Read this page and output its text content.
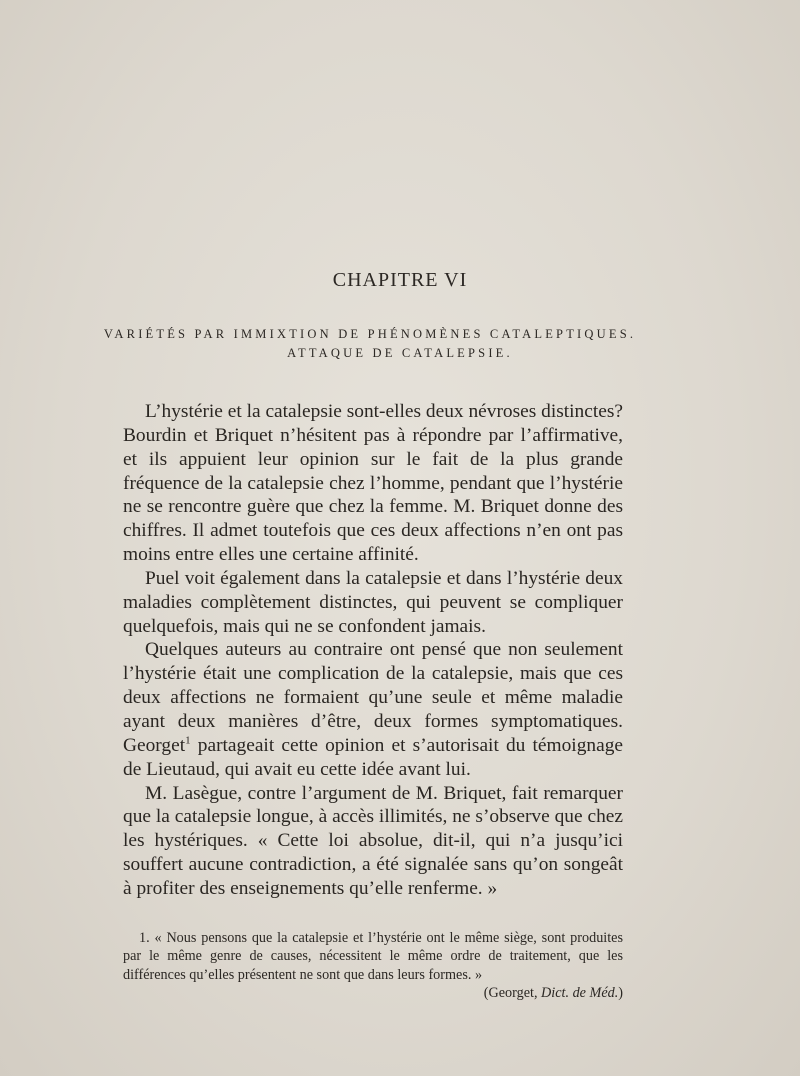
CHAPITRE VI
VARIÉTÉS PAR IMMIXTION DE PHÉNOMÈNES CATALEPTIQUES.
ATTAQUE DE CATALEPSIE.

L’hystérie et la catalepsie sont-elles deux névroses distinctes? Bourdin et Briquet n’hésitent pas à répondre par l’affirmative, et ils appuient leur opinion sur le fait de la plus grande fréquence de la catalepsie chez l’homme, pendant que l’hystérie ne se rencontre guère que chez la femme. M. Briquet donne des chiffres. Il admet toutefois que ces deux affections n’en ont pas moins entre elles une certaine affinité.

Puel voit également dans la catalepsie et dans l’hystérie deux maladies complètement distinctes, qui peuvent se compliquer quelquefois, mais qui ne se confondent jamais.

Quelques auteurs au contraire ont pensé que non seulement l’hystérie était une complication de la catalepsie, mais que ces deux affections ne formaient qu’une seule et même maladie ayant deux manières d’être, deux formes symptomatiques. Georget$^1$ partageait cette opinion et s’autorisait du témoignage de Lieutaud, qui avait eu cette idée avant lui.

M. Lasègue, contre l’argument de M. Briquet, fait remarquer que la catalepsie longue, à accès illimités, ne s’observe que chez les hystériques. « Cette loi absolue, dit-il, qui n’a jusqu’ici souffert aucune contradiction, a été signalée sans qu’on songeât à profiter des enseignements qu’elle renferme. »

1. « Nous pensons que la catalepsie et l’hystérie ont le même siège, sont produites par le même genre de causes, nécessitent le même ordre de traitement, que les différences qu’elles présentent ne sont que dans leurs formes. »

(Georget, Dict. de Méd.)
